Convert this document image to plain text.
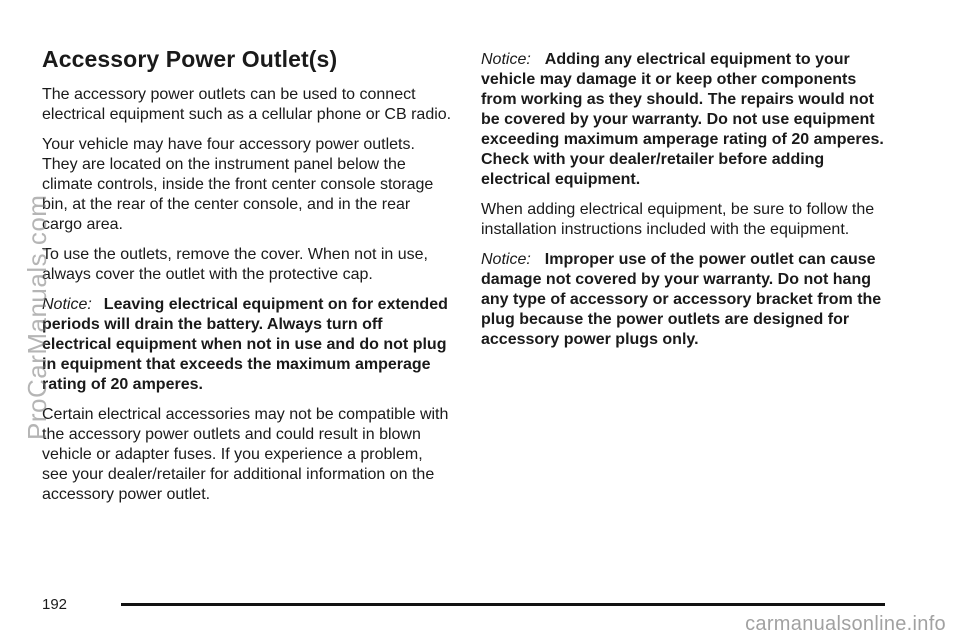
Accessory Power Outlet(s)

The accessory power outlets can be used to connect electrical equipment such as a cellular phone or CB radio.

Your vehicle may have four accessory power outlets. They are located on the instrument panel below the climate controls, inside the front center console storage bin, at the rear of the center console, and in the rear cargo area.

To use the outlets, remove the cover. When not in use, always cover the outlet with the protective cap.

Notice: Leaving electrical equipment on for extended periods will drain the battery. Always turn off electrical equipment when not in use and do not plug in equipment that exceeds the maximum amperage rating of 20 amperes.

Certain electrical accessories may not be compatible with the accessory power outlets and could result in blown vehicle or adapter fuses. If you experience a problem, see your dealer/retailer for additional information on the accessory power outlet.

Notice: Adding any electrical equipment to your vehicle may damage it or keep other components from working as they should. The repairs would not be covered by your warranty. Do not use equipment exceeding maximum amperage rating of 20 amperes. Check with your dealer/retailer before adding electrical equipment.

When adding electrical equipment, be sure to follow the installation instructions included with the equipment.

Notice: Improper use of the power outlet can cause damage not covered by your warranty. Do not hang any type of accessory or accessory bracket from the plug because the power outlets are designed for accessory power plugs only.

192
carmanualsonline.info
ProCarManuals.com
